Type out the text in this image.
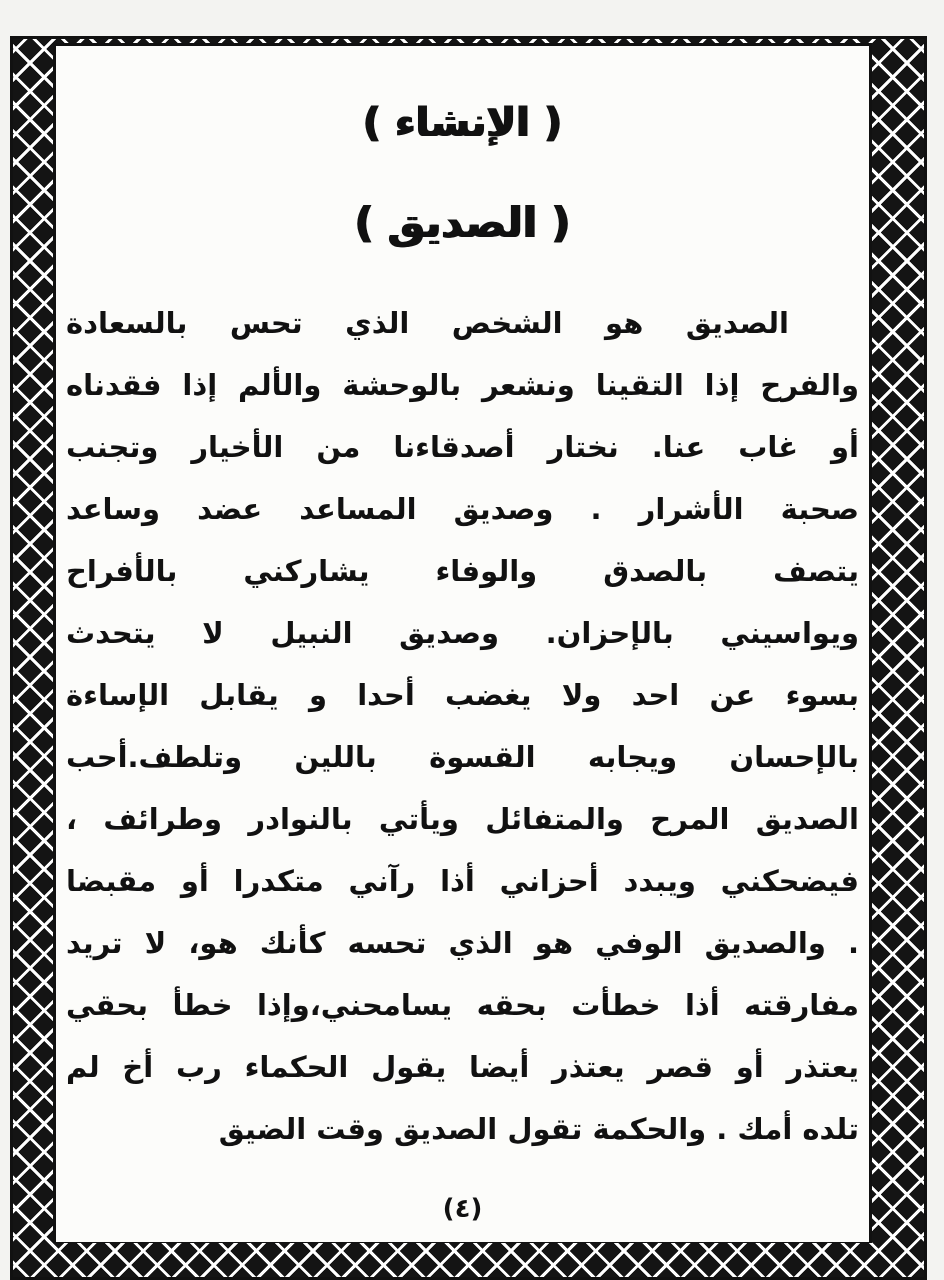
(الإنشاء)
(الصديق)
الصديق هو الشخص الذي تحس بالسعادة
والفرح إذا التقينا ونشعر بالوحشة والألم إذا فقدناه
أو غاب عنا. نختار أصدقاءنا من الأخيار وتجنب
صحبة الأشرار . وصديق المساعد عضد وساعد
يتصف بالصدق والوفاء يشاركني بالأفراح
ويواسيني بالإحزان. وصديق النبيل لا يتحدث
بسوء عن احد ولا يغضب أحدا و يقابل الإساءة
بالإحسان ويجابه القسوة باللين وتلطف.أحب
الصديق المرح والمتفائل ويأتي بالنوادر وطرائف ،
فيضحكني ويبدد أحزاني أذا رآني متكدرا أو مقبضا
. والصديق الوفي هو الذي تحسه كأنك هو، لا تريد
مفارقته أذا خطأت بحقه يسامحني،وإذا خطأ بحقي
يعتذر أو قصر يعتذر أيضا يقول الحكماء رب أخ لم
تلده أمك . والحكمة تقول الصديق وقت الضيق
(٤)
